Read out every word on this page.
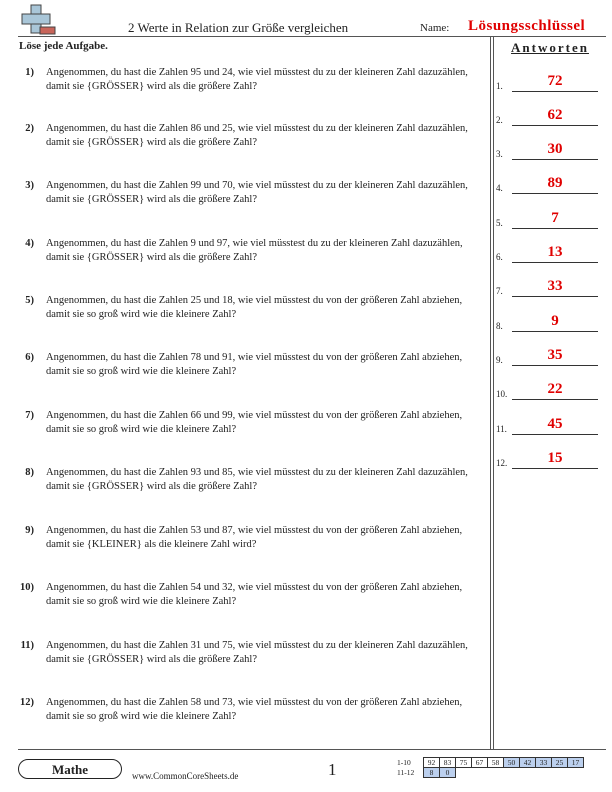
2 Werte in Relation zur Größe vergleichen	Name: Lösungsschlüssel
Löse jede Aufgabe.	Antworten
1) Angenommen, du hast die Zahlen 95 und 24, wie viel müsstest du zu der kleineren Zahl dazuzählen, damit sie {GRÖSSER} wird als die größere Zahl?
2) Angenommen, du hast die Zahlen 86 und 25, wie viel müsstest du zu der kleineren Zahl dazuzählen, damit sie {GRÖSSER} wird als die größere Zahl?
3) Angenommen, du hast die Zahlen 99 und 70, wie viel müsstest du zu der kleineren Zahl dazuzählen, damit sie {GRÖSSER} wird als die größere Zahl?
4) Angenommen, du hast die Zahlen 9 und 97, wie viel müsstest du zu der kleineren Zahl dazuzählen, damit sie {GRÖSSER} wird als die größere Zahl?
5) Angenommen, du hast die Zahlen 25 und 18, wie viel müsstest du von der größeren Zahl abziehen, damit sie so groß wird wie die kleinere Zahl?
6) Angenommen, du hast die Zahlen 78 und 91, wie viel müsstest du von der größeren Zahl abziehen, damit sie so groß wird wie die kleinere Zahl?
7) Angenommen, du hast die Zahlen 66 und 99, wie viel müsstest du von der größeren Zahl abziehen, damit sie so groß wird wie die kleinere Zahl?
8) Angenommen, du hast die Zahlen 93 und 85, wie viel müsstest du zu der kleineren Zahl dazuzählen, damit sie {GRÖSSER} wird als die größere Zahl?
9) Angenommen, du hast die Zahlen 53 und 87, wie viel müsstest du von der größeren Zahl abziehen, damit sie {KLEINER} als die kleinere Zahl wird?
10) Angenommen, du hast die Zahlen 54 und 32, wie viel müsstest du von der größeren Zahl abziehen, damit sie so groß wird wie die kleinere Zahl?
11) Angenommen, du hast die Zahlen 31 und 75, wie viel müsstest du zu der kleineren Zahl dazuzählen, damit sie {GRÖSSER} wird als die größere Zahl?
12) Angenommen, du hast die Zahlen 58 und 73, wie viel müsstest du von der größeren Zahl abziehen, damit sie so groß wird wie die kleinere Zahl?
1.	72
2.	62
3.	30
4.	89
5.	7
6.	13
7.	33
8.	9
9.	35
10.	22
11.	45
12.	15
Mathe	www.CommonCoreSheets.de	1	1-10	92	83	75	67	58	50	42	33	25	17
11-12	8	0								
